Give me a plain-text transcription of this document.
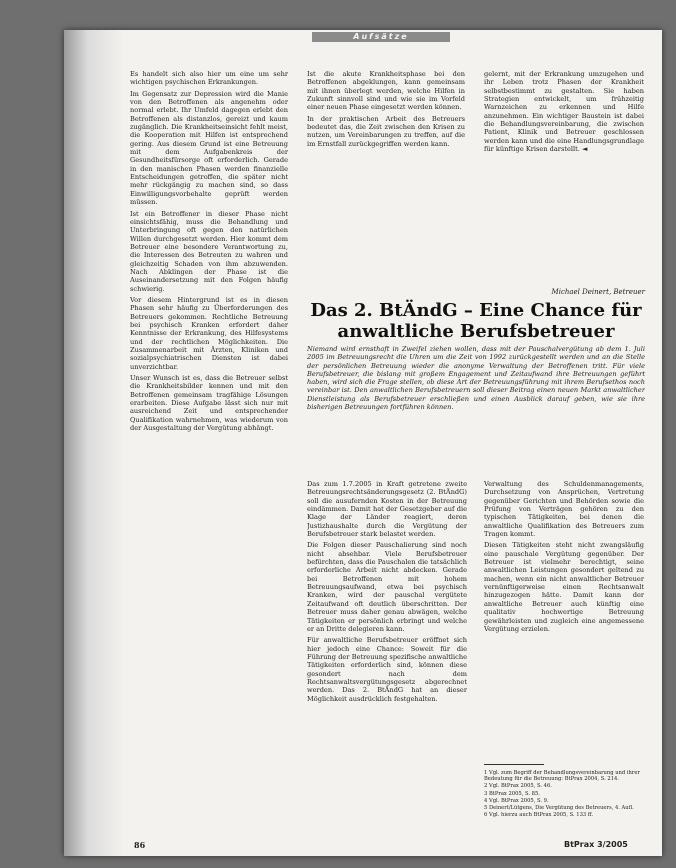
Aufsätze

Es handelt sich also hier um eine um sehr wichtigen psychischen Erkrankungen.

Im Gegensatz zur Depression wird die Manie von den Betroffenen als angenehm oder normal erlebt. Ihr Umfeld dagegen erlebt den Betroffenen als distanzlos, gereizt und kaum zugänglich. Die Krankheitseinsicht fehlt meist, die Kooperation mit Hilfen ist entsprechend gering. Aus diesem Grund ist eine Betreuung mit dem Aufgabenkreis der Gesundheitsfürsorge oft erforderlich. Gerade in den manischen Phasen werden finanzielle Entscheidungen getroffen, die später nicht mehr rückgängig zu machen sind, so dass Einwilligungsvorbehalte geprüft werden müssen.

Ist ein Betroffener in dieser Phase nicht einsichtsfähig, muss die Behandlung und Unterbringung oft gegen den natürlichen Willen durchgesetzt werden. Hier kommt dem Betreuer eine besondere Verantwortung zu, die Interessen des Betreuten zu wahren und gleichzeitig Schaden von ihm abzuwenden. Nach Abklingen der Phase ist die Auseinandersetzung mit den Folgen häufig schwierig.

Vor diesem Hintergrund ist es in diesen Phasen sehr häufig zu Überforderungen des Betreuers gekommen. Rechtliche Betreuung bei psychisch Kranken erfordert daher Kenntnisse der Erkrankung, des Hilfesystems und der rechtlichen Möglichkeiten. Die Zusammenarbeit mit Ärzten, Kliniken und sozialpsychiatrischen Diensten ist dabei unverzichtbar.

Unser Wunsch ist es, dass die Betreuer selbst die Krankheitsbilder kennen und mit den Betroffenen gemeinsam tragfähige Lösungen erarbeiten. Diese Aufgabe lässt sich nur mit ausreichend Zeit und entsprechender Qualifikation wahrnehmen, was wiederum von der Ausgestaltung der Vergütung abhängt.

Ist die akute Krankheitsphase bei den Betroffenen abgeklungen, kann gemeinsam mit ihnen überlegt werden, welche Hilfen in Zukunft sinnvoll sind und wie sie im Vorfeld einer neuen Phase eingesetzt werden können.

In der praktischen Arbeit des Betreuers bedeutet das, die Zeit zwischen den Krisen zu nutzen, um Vereinbarungen zu treffen, auf die im Ernstfall zurückgegriffen werden kann.

gelernt, mit der Erkrankung umzugehen und ihr Leben trotz Phasen der Krankheit selbstbestimmt zu gestalten. Sie haben Strategien entwickelt, um frühzeitig Warnzeichen zu erkennen und Hilfe anzunehmen. Ein wichtiger Baustein ist dabei die Behandlungsvereinbarung, die zwischen Patient, Klinik und Betreuer geschlossen werden kann und die eine Handlungsgrundlage für künftige Krisen darstellt. ◄

Michael Deinert, Betreuer
Das 2. BtÄndG – Eine Chance für anwaltliche Berufsbetreuer
Niemand wird ernsthaft in Zweifel ziehen wollen, dass mit der Pauschalvergütung ab dem 1. Juli 2005 im Betreuungsrecht die Uhren um die Zeit von 1992 zurückgestellt werden und an die Stelle der persönlichen Betreuung wieder die anonyme Verwaltung der Betroffenen tritt. Für viele Berufsbetreuer, die bislang mit großem Engagement und Zeitaufwand ihre Betreuungen geführt haben, wird sich die Frage stellen, ob diese Art der Betreuungsführung mit ihrem Berufsethos noch vereinbar ist. Den anwaltlichen Berufsbetreuern soll dieser Beitrag einen neuen Markt anwaltlicher Dienstleistung als Berufsbetreuer erschließen und einen Ausblick darauf geben, wie sie ihre bisherigen Betreuungen fortführen können.

Das zum 1.7.2005 in Kraft getretene zweite Betreuungsrechtsänderungsgesetz (2. BtÄndG) soll die ausufernden Kosten in der Betreuung eindämmen. Damit hat der Gesetzgeber auf die Klage der Länder reagiert, deren Justizhaushalte durch die Vergütung der Berufsbetreuer stark belastet werden.

Die Folgen dieser Pauschalierung sind noch nicht absehbar. Viele Berufsbetreuer befürchten, dass die Pauschalen die tatsächlich erforderliche Arbeit nicht abdecken. Gerade bei Betroffenen mit hohem Betreuungsaufwand, etwa bei psychisch Kranken, wird der pauschal vergütete Zeitaufwand oft deutlich überschritten. Der Betreuer muss daher genau abwägen, welche Tätigkeiten er persönlich erbringt und welche er an Dritte delegieren kann.

Für anwaltliche Berufsbetreuer eröffnet sich hier jedoch eine Chance: Soweit für die Führung der Betreuung spezifische anwaltliche Tätigkeiten erforderlich sind, können diese gesondert nach dem Rechtsanwaltsvergütungsgesetz abgerechnet werden. Das 2. BtÄndG hat an dieser Möglichkeit ausdrücklich festgehalten.

Verwaltung des Schuldenmanagements, Durchsetzung von Ansprüchen, Vertretung gegenüber Gerichten und Behörden sowie die Prüfung von Verträgen gehören zu den typischen Tätigkeiten, bei denen die anwaltliche Qualifikation des Betreuers zum Tragen kommt.

Diesen Tätigkeiten steht nicht zwangsläufig eine pauschale Vergütung gegenüber. Der Betreuer ist vielmehr berechtigt, seine anwaltlichen Leistungen gesondert geltend zu machen, wenn ein nicht anwaltlicher Betreuer vernünftigerweise einen Rechtsanwalt hinzugezogen hätte. Damit kann der anwaltliche Betreuer auch künftig eine qualitativ hochwertige Betreuung gewährleisten und zugleich eine angemessene Vergütung erzielen.

1 Vgl. zum Begriff der Behandlungsvereinbarung und ihrer Bedeutung für die Betreuung: BtPrax 2004, S. 214.
2 Vgl. BtPrax 2005, S. 46.
3 BtPrax 2005, S. 85.
4 Vgl. BtPrax 2005, S. 9.
5 Deinert/Lütgens, Die Vergütung des Betreuers, 4. Aufl.
6 Vgl. hierzu auch BtPrax 2005, S. 133 ff.
86	BtPrax 3/2005
